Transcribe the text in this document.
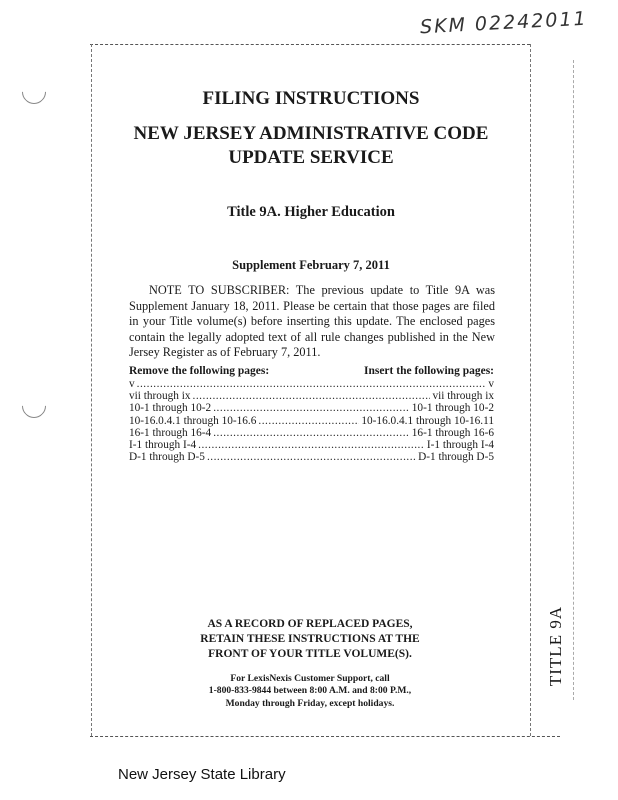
SKM 02242011
FILING INSTRUCTIONS
NEW JERSEY ADMINISTRATIVE CODE
UPDATE SERVICE
Title 9A. Higher Education
Supplement February 7, 2011
NOTE TO SUBSCRIBER: The previous update to Title 9A was Supplement January 18, 2011. Please be certain that those pages are filed in your Title volume(s) before inserting this update. The enclosed pages contain the legally adopted text of all rule changes published in the New Jersey Register as of February 7, 2011.
Remove the following pages:	Insert the following pages:
v .....	v
vii through ix .....	vii through ix
10-1 through 10-2 .....	10-1 through 10-2
10-16.0.4.1 through 10-16.6 .....	10-16.0.4.1 through 10-16.11
16-1 through 16-4 .....	16-1 through 16-6
I-1 through I-4 .....	I-1 through I-4
D-1 through D-5 .....	D-1 through D-5
AS A RECORD OF REPLACED PAGES,
RETAIN THESE INSTRUCTIONS AT THE
FRONT OF YOUR TITLE VOLUME(S).
For LexisNexis Customer Support, call
1-800-833-9844 between 8:00 A.M. and 8:00 P.M.,
Monday through Friday, except holidays.
TITLE 9A
New Jersey State Library
